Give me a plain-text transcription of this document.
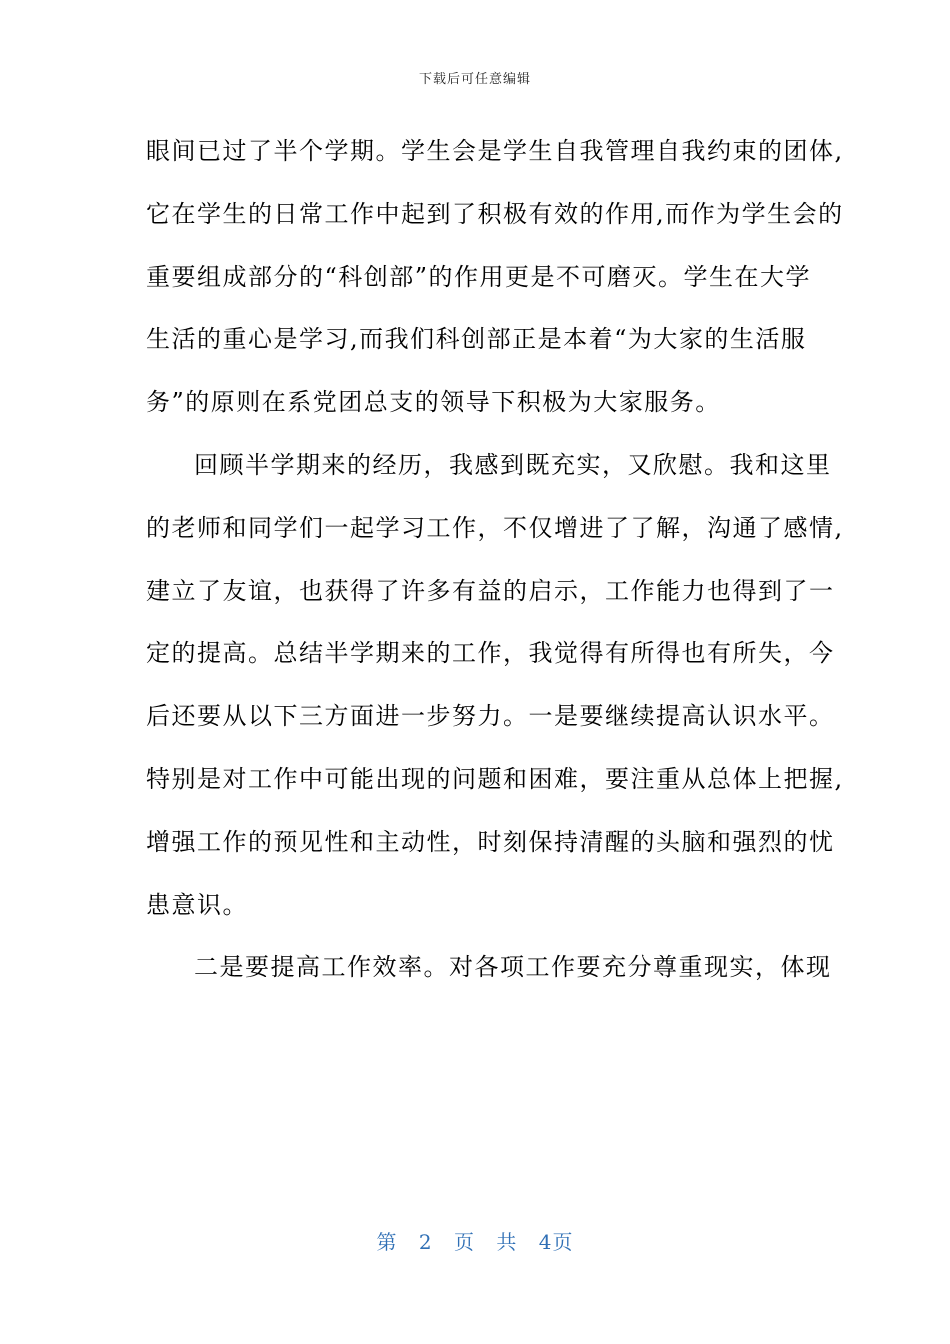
下载后可任意编辑
眼间已过了半个学期。学生会是学生自我管理自我约束的团体,
它在学生的日常工作中起到了积极有效的作用,而作为学生会的
重要组成部分的“科创部”的作用更是不可磨灭。学生在大学
生活的重心是学习,而我们科创部正是本着“为大家的生活服
务”的原则在系党团总支的领导下积极为大家服务。
回顾半学期来的经历，我感到既充实，又欣慰。我和这里
的老师和同学们一起学习工作，不仅增进了了解，沟通了感情,
建立了友谊，也获得了许多有益的启示，工作能力也得到了一
定的提高。总结半学期来的工作，我觉得有所得也有所失，今
后还要从以下三方面进一步努力。一是要继续提高认识水平。
特别是对工作中可能出现的问题和困难，要注重从总体上把握,
增强工作的预见性和主动性，时刻保持清醒的头脑和强烈的忧
患意识。
二是要提高工作效率。对各项工作要充分尊重现实，体现
第 2 页 共 4页
